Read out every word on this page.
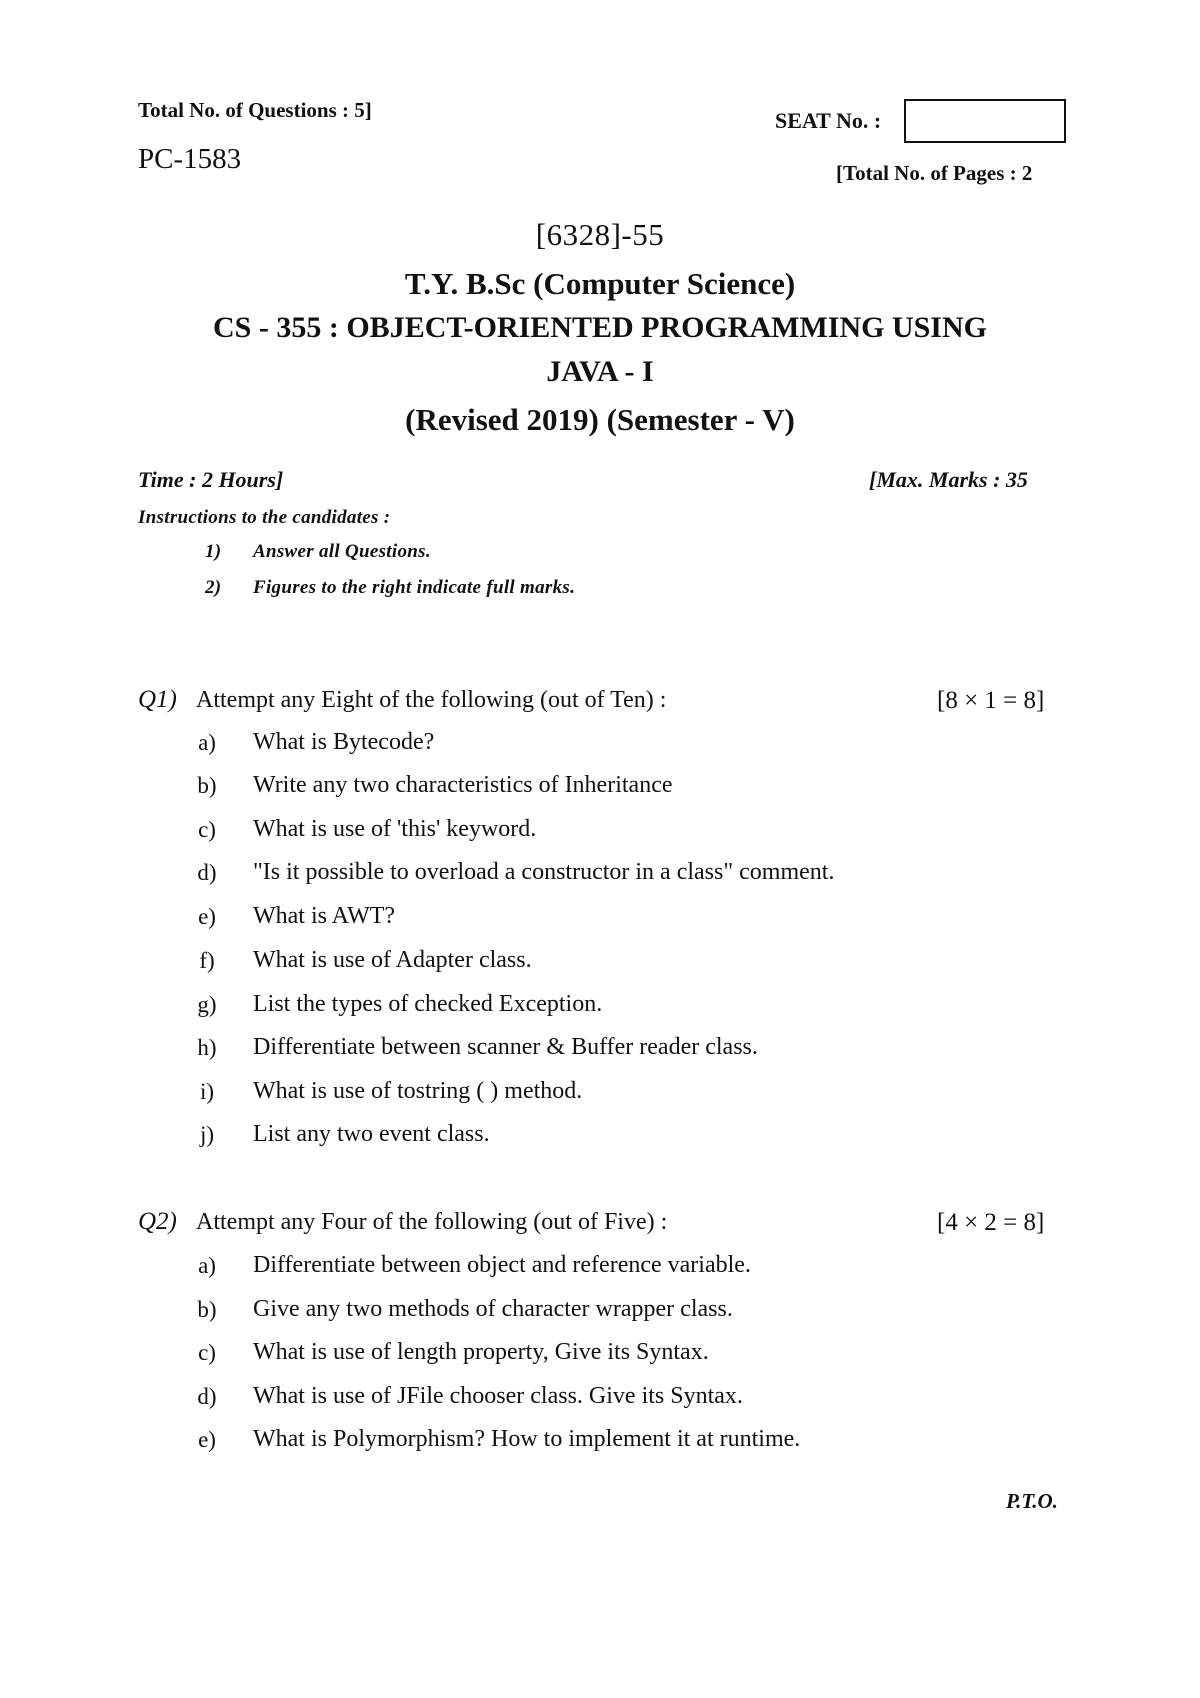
Total No. of Questions : 5]	SEAT No. :
PC-1583	[Total No. of Pages : 2
[6328]-55
T.Y. B.Sc (Computer Science)
CS - 355 : OBJECT-ORIENTED PROGRAMMING USING
JAVA - I
(Revised 2019) (Semester - V)
Time : 2 Hours]	[Max. Marks : 35
Instructions to the candidates :
1) Answer all Questions.
2) Figures to the right indicate full marks.
Q1) Attempt any Eight of the following (out of Ten) :	[8 × 1 = 8]
a)	What is Bytecode?
b)	Write any two characteristics of Inheritance
c)	What is use of 'this' keyword.
d)	"Is it possible to overload a constructor in a class" comment.
e)	What is AWT?
f)	What is use of Adapter class.
g)	List the types of checked Exception.
h)	Differentiate between scanner & Buffer reader class.
i)	What is use of tostring ( ) method.
j)	List any two event class.
Q2) Attempt any Four of the following (out of Five) :	[4 × 2 = 8]
a)	Differentiate between object and reference variable.
b)	Give any two methods of character wrapper class.
c)	What is use of length property, Give its Syntax.
d)	What is use of JFile chooser class. Give its Syntax.
e)	What is Polymorphism? How to implement it at runtime.
P.T.O.
